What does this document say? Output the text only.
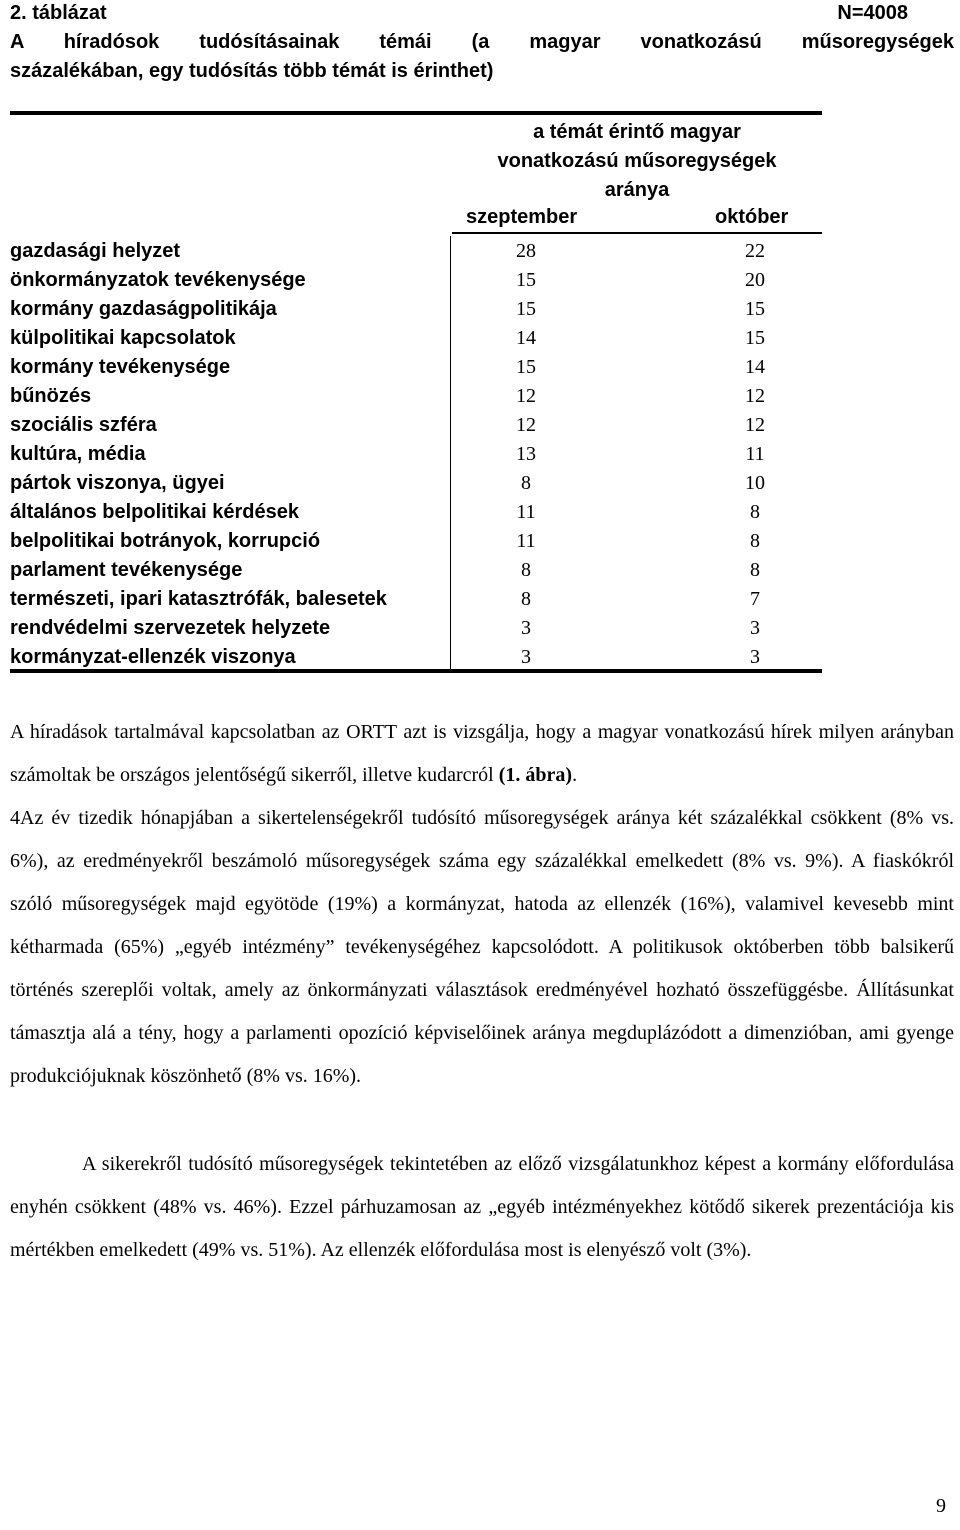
2. táblázat	N=4008
A híradósok tudósításainak témái (a magyar vonatkozású műsoregységek
százalékában, egy tudósítás több témát is érinthet)
a témát érintő magyar
vonatkozású műsoregységek
aránya
szeptember	október
gazdasági helyzet	28	22
önkormányzatok tevékenysége	15	20
kormány gazdaságpolitikája	15	15
külpolitikai kapcsolatok	14	15
kormány tevékenysége	15	14
bűnözés	12	12
szociális szféra	12	12
kultúra, média	13	11
pártok viszonya, ügyei	8	10
általános belpolitikai kérdések	11	8
belpolitikai botrányok, korrupció	11	8
parlament tevékenysége	8	8
természeti, ipari katasztrófák, balesetek	8	7
rendvédelmi szervezetek helyzete	3	3
kormányzat-ellenzék viszonya	3	3

A híradások tartalmával kapcsolatban az ORTT azt is vizsgálja, hogy a magyar vonatkozású hírek milyen arányban számoltak be országos jelentőségű sikerről, illetve kudarcról (1. ábra).

4Az év tizedik hónapjában a sikertelenségekről tudósító műsoregységek aránya két százalékkal csökkent (8% vs. 6%), az eredményekről beszámoló műsoregységek száma egy százalékkal emelkedett (8% vs. 9%). A fiaskókról szóló műsoregységek majd egyötöde (19%) a kormányzat, hatoda az ellenzék (16%), valamivel kevesebb mint kétharmada (65%) „egyéb intézmény” tevékenységéhez kapcsolódott. A politikusok októberben több balsikerű történés szereplői voltak, amely az önkormányzati választások eredményével hozható összefüggésbe. Állításunkat támasztja alá a tény, hogy a parlamenti opozíció képviselőinek aránya megduplázódott a dimenzióban, ami gyenge produkciójuknak köszönhető (8% vs. 16%).

A sikerekről tudósító műsoregységek tekintetében az előző vizsgálatunkhoz képest a kormány előfordulása enyhén csökkent (48% vs. 46%). Ezzel párhuzamosan az „egyéb intézményekhez kötődő sikerek prezentációja kis mértékben emelkedett (49% vs. 51%). Az ellenzék előfordulása most is elenyésző volt (3%).

9
